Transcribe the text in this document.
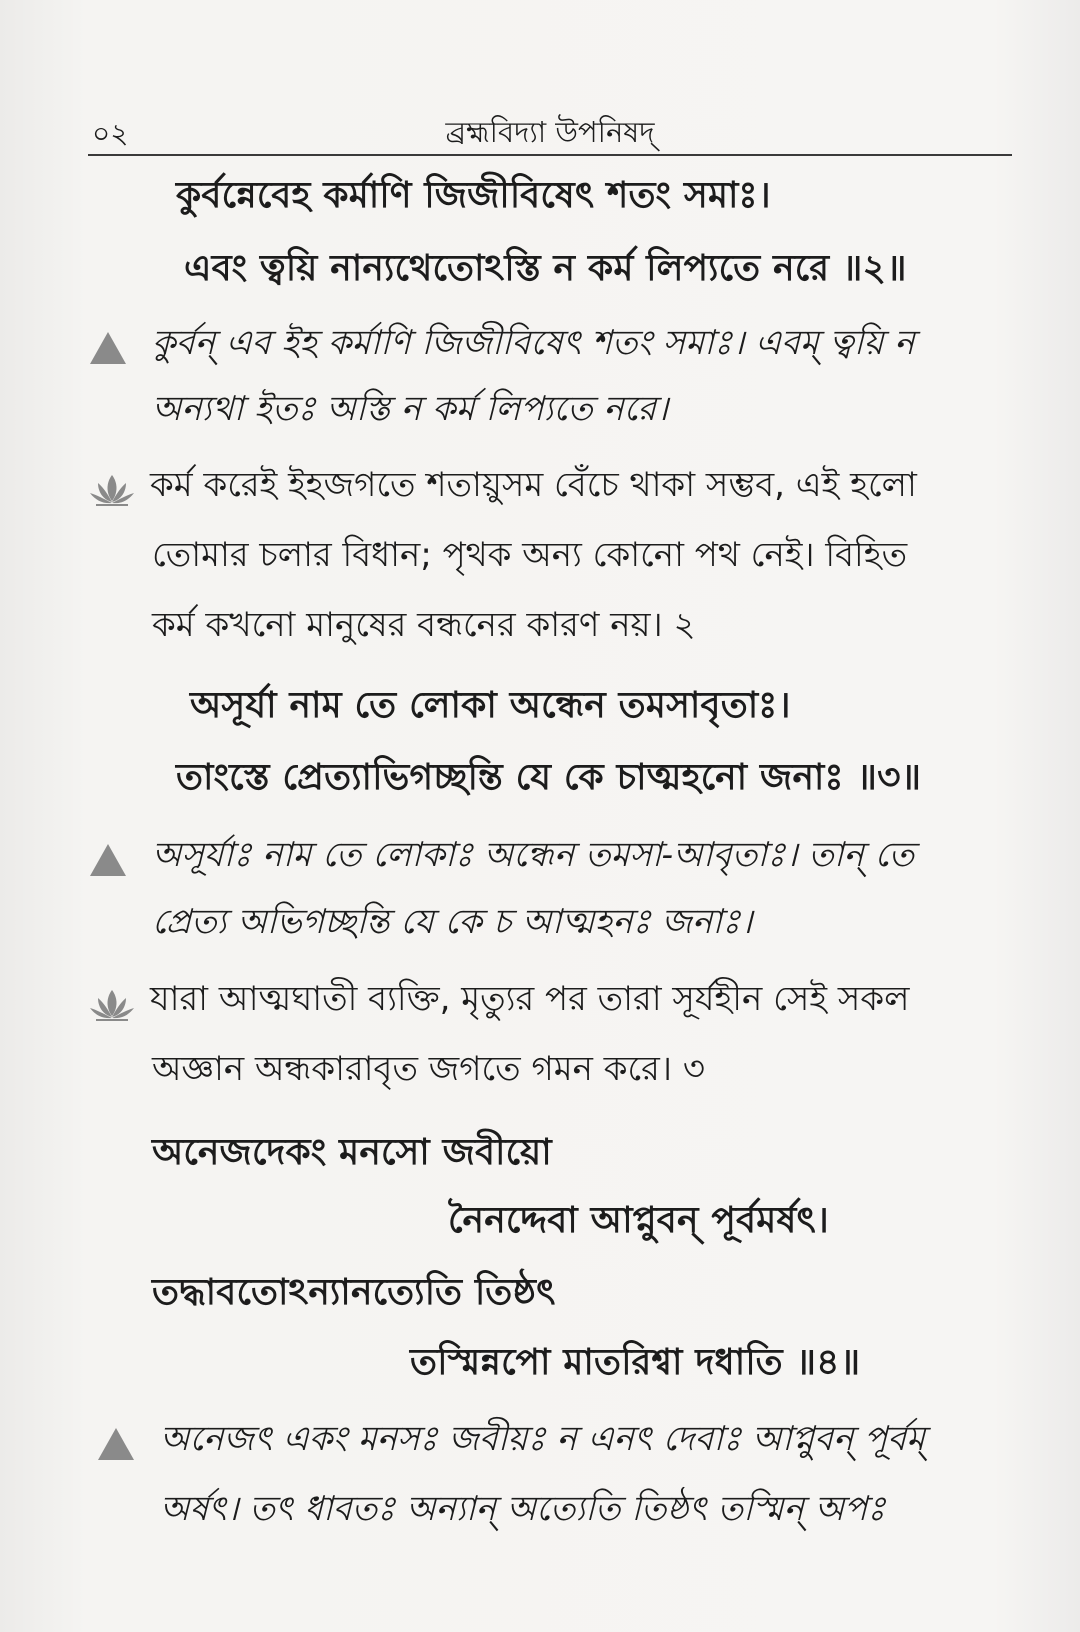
০২	ব্রহ্মবিদ্যা উপনিষদ্
কুর্বন্নেবেহ কর্মাণি জিজীবিষেৎ শতং সমাঃ।
এবং ত্বয়ি নান্যথেতোঽস্তি ন কর্ম লিপ্যতে নরে ॥২॥
কুর্বন্ এব ইহ কর্মাণি জিজীবিষেৎ শতং সমাঃ। এবম্ ত্বয়ি ন
অন্যথা ইতঃ অস্তি ন কর্ম লিপ্যতে নরে।
কর্ম করেই ইহজগতে শতায়ুসম বেঁচে থাকা সম্ভব, এই হলো
তোমার চলার বিধান; পৃথক অন্য কোনো পথ নেই। বিহিত
কর্ম কখনো মানুষের বন্ধনের কারণ নয়। ২
অসূর্যা নাম তে লোকা অন্ধেন তমসাবৃতাঃ।
তাংস্তে প্রেত্যাভিগচ্ছন্তি যে কে চাত্মহনো জনাঃ ॥৩॥
অসূর্যাঃ নাম তে লোকাঃ অন্ধেন তমসা-আবৃতাঃ। তান্ তে
প্রেত্য অভিগচ্ছন্তি যে কে চ আত্মহনঃ জনাঃ।
যারা আত্মঘাতী ব্যক্তি, মৃত্যুর পর তারা সূর্যহীন সেই সকল
অজ্ঞান অন্ধকারাবৃত জগতে গমন করে। ৩
অনেজদেকং মনসো জবীয়ো
নৈনদ্দেবা আপ্নুবন্ পূর্বমর্ষৎ।
তদ্ধাবতোঽন্যানত্যেতি তিষ্ঠৎ
তস্মিন্নপো মাতরিশ্বা দধাতি ॥৪॥
অনেজৎ একং মনসঃ জবীয়ঃ ন এনৎ দেবাঃ আপ্নুবন্ পূর্বম্
অর্ষৎ। তৎ ধাবতঃ অন্যান্ অত্যেতি তিষ্ঠৎ তস্মিন্ অপঃ
